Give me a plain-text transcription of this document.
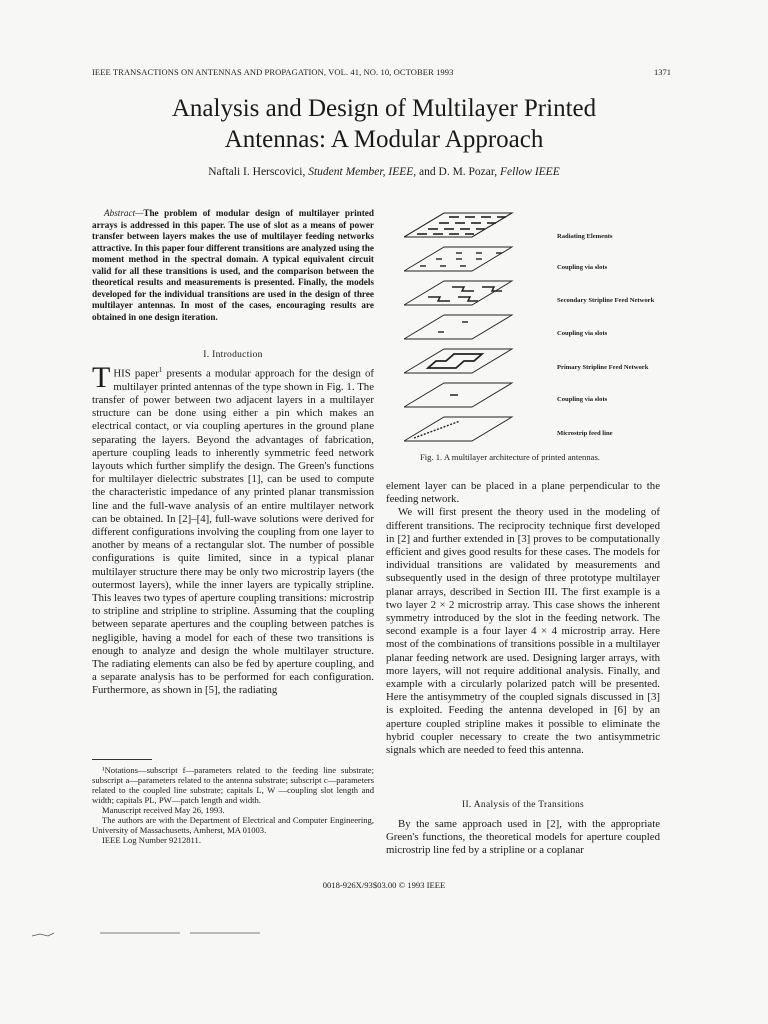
IEEE TRANSACTIONS ON ANTENNAS AND PROPAGATION, VOL. 41, NO. 10, OCTOBER 1993	1371
Analysis and Design of Multilayer Printed
Antennas: A Modular Approach
Naftali I. Herscovici, Student Member, IEEE, and D. M. Pozar, Fellow IEEE
Abstract—The problem of modular design of multilayer printed arrays is addressed in this paper. The use of slot as a means of power transfer between layers makes the use of multilayer feeding networks attractive. In this paper four different transitions are analyzed using the moment method in the spectral domain. A typical equivalent circuit valid for all these transitions is used, and the comparison between the theoretical results and measurements is presented. Finally, the models developed for the individual transitions are used in the design of three multilayer antennas. In most of the cases, encouraging results are obtained in one design iteration.
I. Introduction
THIS paper$^1$ presents a modular approach for the design of multilayer printed antennas of the type shown in Fig. 1. The transfer of power between two adjacent layers in a multilayer structure can be done using either a pin which makes an electrical contact, or via coupling apertures in the ground plane separating the layers. Beyond the advantages of fabrication, aperture coupling leads to inherently symmetric feed network layouts which further simplify the design. The Green's functions for multilayer dielectric substrates [1], can be used to compute the characteristic impedance of any printed planar transmission line and the full-wave analysis of an entire multilayer network can be obtained. In [2]–[4], full-wave solutions were derived for different configurations involving the coupling from one layer to another by means of a rectangular slot. The number of possible configurations is quite limited, since in a typical planar multilayer structure there may be only two microstrip layers (the outermost layers), while the inner layers are typically stripline. This leaves two types of aperture coupling transitions: microstrip to stripline and stripline to stripline. Assuming that the coupling between separate apertures and the coupling between patches is negligible, having a model for each of these two transitions is enough to analyze and design the whole multilayer structure. The radiating elements can also be fed by aperture coupling, and a separate analysis has to be performed for each configuration. Furthermore, as shown in [5], the radiating

¹Notations—subscript f—parameters related to the feeding line substrate; subscript a—parameters related to the antenna substrate; subscript c—parameters related to the coupled line substrate; capitals L, W —coupling slot length and width; capitals PL, PW—patch length and width.

Manuscript received May 26, 1993.

The authors are with the Department of Electrical and Computer Engineering, University of Massachusetts, Amherst, MA 01003.

IEEE Log Number 9212811.

Radiating Elements
Coupling via slots
Secondary Stripline Feed Network
Coupling via slots
Primary Stripline Feed Network
Coupling via slots
Microstrip feed line
Fig. 1. A multilayer architecture of printed antennas.

element layer can be placed in a plane perpendicular to the feeding network.

We will first present the theory used in the modeling of different transitions. The reciprocity technique first developed in [2] and further extended in [3] proves to be computationally efficient and gives good results for these cases. The models for individual transitions are validated by measurements and subsequently used in the design of three prototype multilayer planar arrays, described in Section III. The first example is a two layer 2 × 2 microstrip array. This case shows the inherent symmetry introduced by the slot in the feeding network. The second example is a four layer 4 × 4 microstrip array. Here most of the combinations of transitions possible in a multilayer planar feeding network are used. Designing larger arrays, with more layers, will not require additional analysis. Finally, and example with a circularly polarized patch will be presented. Here the antisymmetry of the coupled signals discussed in [3] is exploited. Feeding the antenna developed in [6] by an aperture coupled stripline makes it possible to eliminate the hybrid coupler necessary to create the two antisymmetric signals which are needed to feed this antenna.

II. Analysis of the Transitions

By the same approach used in [2], with the appropriate Green's functions, the theoretical models for aperture coupled microstrip line fed by a stripline or a coplanar

0018-926X/93$03.00 © 1993 IEEE
